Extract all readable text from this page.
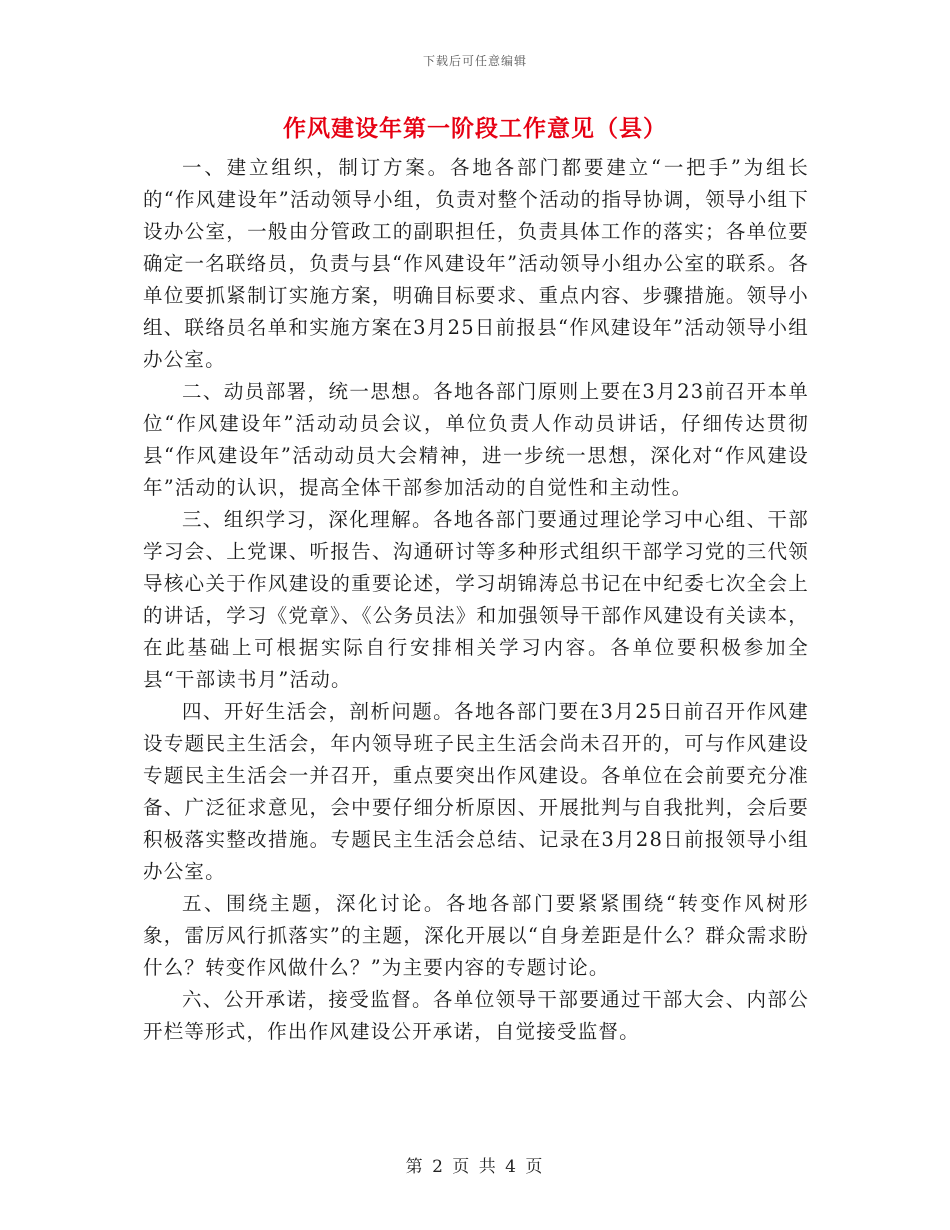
下载后可任意编辑
作风建设年第一阶段工作意见（县）

一、建立组织，制订方案。各地各部门都要建立“一把手”为组长的“作风建设年”活动领导小组，负责对整个活动的指导协调，领导小组下设办公室，一般由分管政工的副职担任，负责具体工作的落实；各单位要确定一名联络员，负责与县“作风建设年”活动领导小组办公室的联系。各单位要抓紧制订实施方案，明确目标要求、重点内容、步骤措施。领导小组、联络员名单和实施方案在3月25日前报县“作风建设年”活动领导小组办公室。

二、动员部署，统一思想。各地各部门原则上要在3月23前召开本单位“作风建设年”活动动员会议，单位负责人作动员讲话，仔细传达贯彻县“作风建设年”活动动员大会精神，进一步统一思想，深化对“作风建设年”活动的认识，提高全体干部参加活动的自觉性和主动性。

三、组织学习，深化理解。各地各部门要通过理论学习中心组、干部学习会、上党课、听报告、沟通研讨等多种形式组织干部学习党的三代领导核心关于作风建设的重要论述，学习胡锦涛总书记在中纪委七次全会上的讲话，学习《党章》、《公务员法》和加强领导干部作风建设有关读本，在此基础上可根据实际自行安排相关学习内容。各单位要积极参加全县“干部读书月”活动。

四、开好生活会，剖析问题。各地各部门要在3月25日前召开作风建设专题民主生活会，年内领导班子民主生活会尚未召开的，可与作风建设专题民主生活会一并召开，重点要突出作风建设。各单位在会前要充分准备、广泛征求意见，会中要仔细分析原因、开展批判与自我批判，会后要积极落实整改措施。专题民主生活会总结、记录在3月28日前报领导小组办公室。

五、围绕主题，深化讨论。各地各部门要紧紧围绕“转变作风树形象，雷厉风行抓落实”的主题，深化开展以“自身差距是什么？群众需求盼什么？转变作风做什么？”为主要内容的专题讨论。

六、公开承诺，接受监督。各单位领导干部要通过干部大会、内部公开栏等形式，作出作风建设公开承诺，自觉接受监督。

第 2 页 共 4 页
